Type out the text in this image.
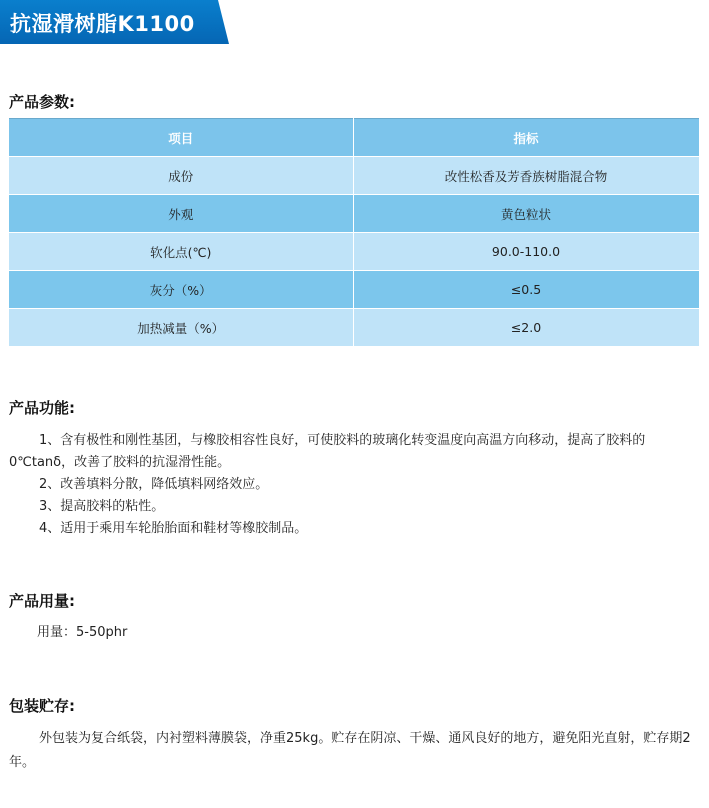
抗湿滑树脂K1100
产品参数:
项目	指标
成份	改性松香及芳香族树脂混合物
外观	黄色粒状
软化点(℃)	90.0-110.0
灰分（%）	≤0.5
加热减量（%）	≤2.0
产品功能:
1、含有极性和刚性基团，与橡胶相容性良好，可使胶料的玻璃化转变温度向高温方向移动，提高了胶料的0℃tanδ，改善了胶料的抗湿滑性能。
2、改善填料分散，降低填料网络效应。
3、提高胶料的粘性。
4、适用于乘用车轮胎胎面和鞋材等橡胶制品。
产品用量:
用量：5-50phr
包装贮存:
外包装为复合纸袋，内衬塑料薄膜袋，净重25kg。贮存在阴凉、干燥、通风良好的地方，避免阳光直射，贮存期2年。
